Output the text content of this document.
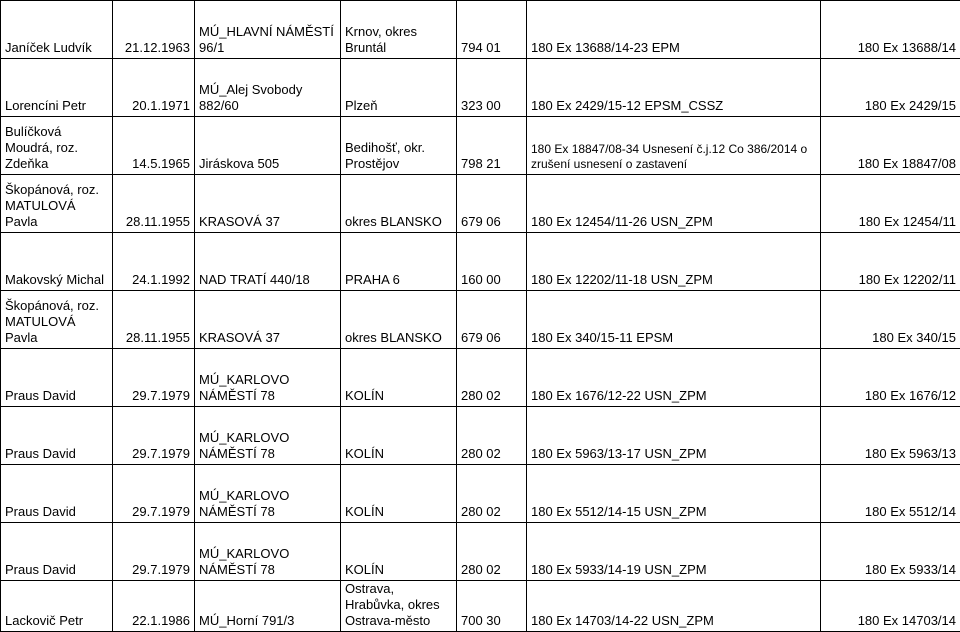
Janíček Ludvík	21.12.1963	MÚ_HLAVNÍ NÁMĚSTÍ 96/1	Krnov, okres Bruntál	794 01	180 Ex 13688/14-23 EPM	180 Ex 13688/14
Lorencíni Petr	20.1.1971	MÚ_Alej Svobody 882/60	Plzeň	323 00	180 Ex 2429/15-12 EPSM_CSSZ	180 Ex 2429/15
Bulíčková Moudrá, roz. Zdeňka	14.5.1965	Jiráskova 505	Bedihošť, okr. Prostějov	798 21	180 Ex 18847/08-34 Usnesení č.j.12 Co 386/2014 o zrušení usnesení o zastavení	180 Ex 18847/08
Škopánová, roz. MATULOVÁ Pavla	28.11.1955	KRASOVÁ 37	okres BLANSKO	679 06	180 Ex 12454/11-26 USN_ZPM	180 Ex 12454/11
Makovský Michal	24.1.1992	NAD TRATÍ 440/18	PRAHA 6	160 00	180 Ex 12202/11-18 USN_ZPM	180 Ex 12202/11
Škopánová, roz. MATULOVÁ Pavla	28.11.1955	KRASOVÁ 37	okres BLANSKO	679 06	180 Ex 340/15-11 EPSM	180 Ex 340/15
Praus David	29.7.1979	MÚ_KARLOVO NÁMĚSTÍ 78	KOLÍN	280 02	180 Ex 1676/12-22 USN_ZPM	180 Ex 1676/12
Praus David	29.7.1979	MÚ_KARLOVO NÁMĚSTÍ 78	KOLÍN	280 02	180 Ex 5963/13-17 USN_ZPM	180 Ex 5963/13
Praus David	29.7.1979	MÚ_KARLOVO NÁMĚSTÍ 78	KOLÍN	280 02	180 Ex 5512/14-15 USN_ZPM	180 Ex 5512/14
Praus David	29.7.1979	MÚ_KARLOVO NÁMĚSTÍ 78	KOLÍN	280 02	180 Ex 5933/14-19 USN_ZPM	180 Ex 5933/14
Lackovič Petr	22.1.1986	MÚ_Horní 791/3	Ostrava, Hrabůvka, okres Ostrava-město	700 30	180 Ex 14703/14-22 USN_ZPM	180 Ex 14703/14
